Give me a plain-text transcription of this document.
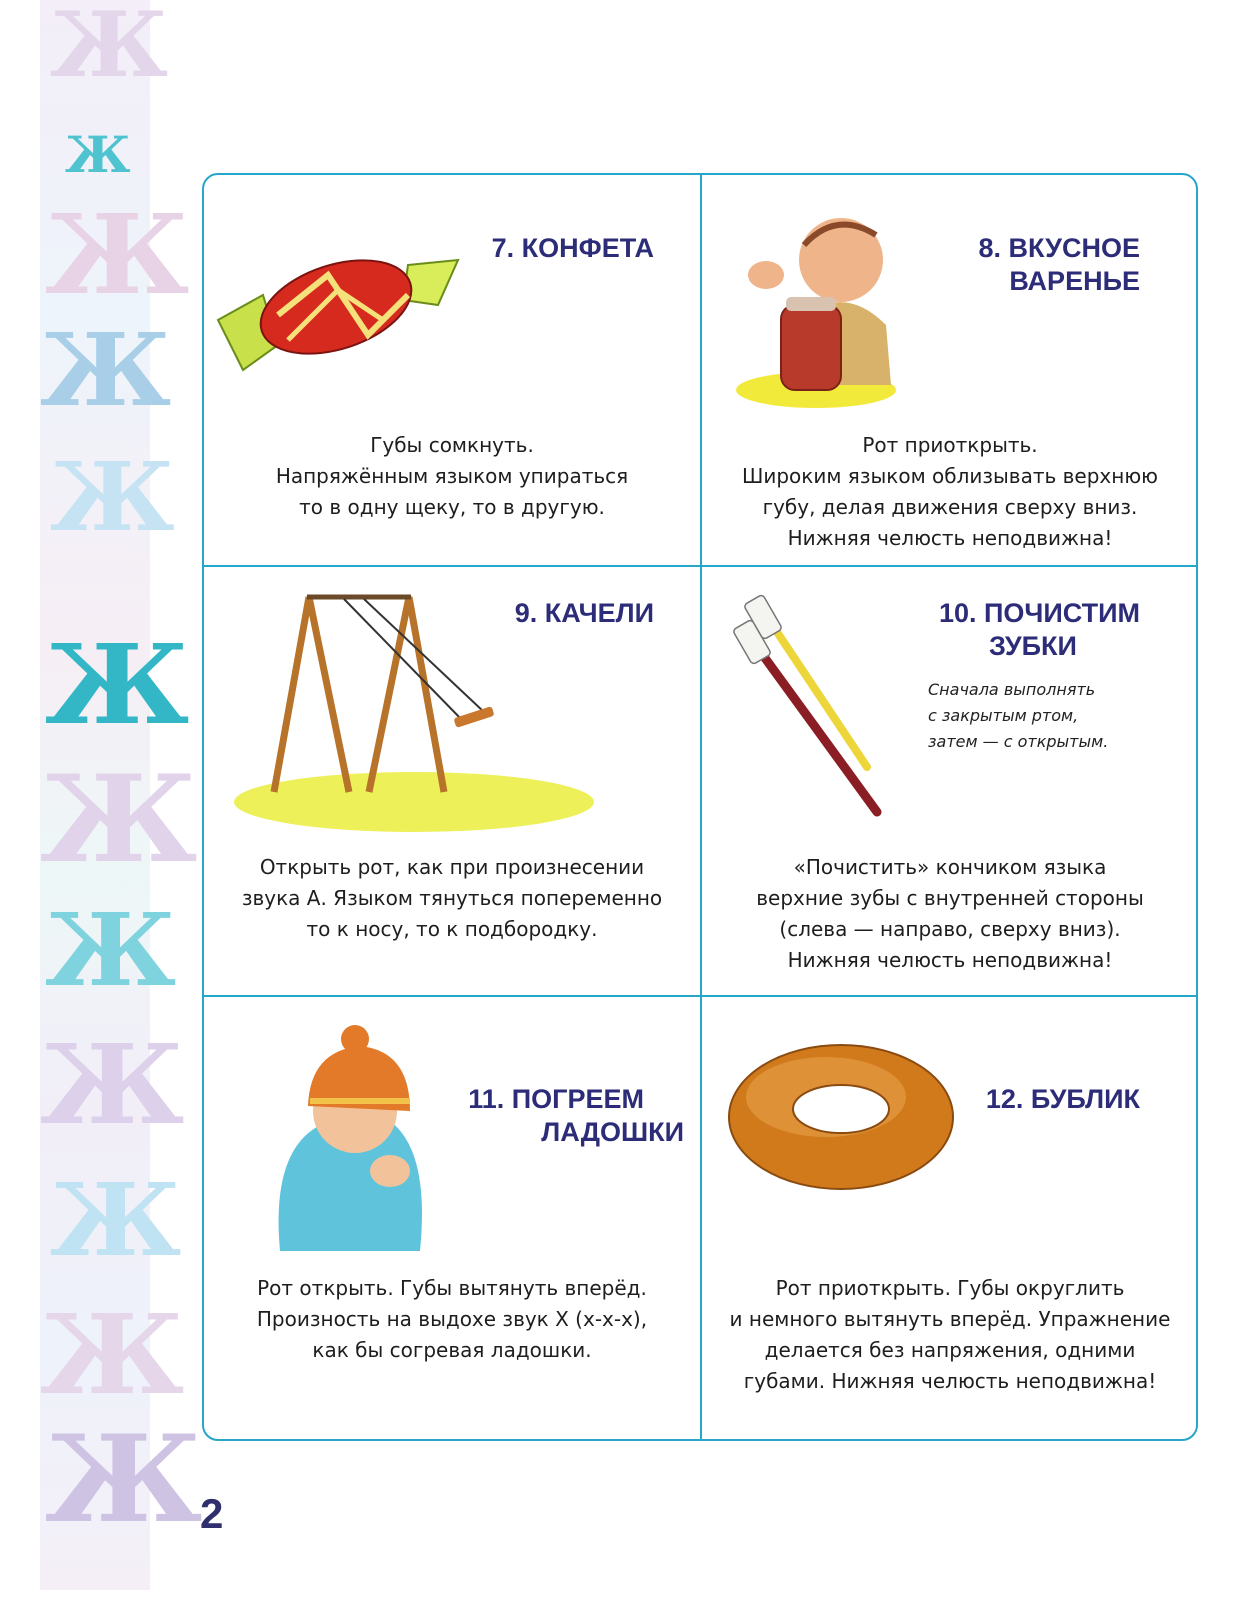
Ж
Ж
Ж
Ж
Ж
Ж
Ж
Ж
Ж
Ж
Ж
Ж
2
7. КОНФЕТА
Губы сомкнуть.
Напряжённым языком упираться
то в одну щеку, то в другую.
8. ВКУСНОЕ
ВАРЕНЬЕ
Рот приоткрыть.
Широким языком облизывать верхнюю
губу, делая движения сверху вниз.
Нижняя челюсть неподвижна!
9. КАЧЕЛИ
Открыть рот, как при произнесении
звука А. Языком тянуться попеременно
то к носу, то к подбородку.
10. ПОЧИСТИМ
ЗУБКИ
Сначала выполнять
с закрытым ртом,
затем — с открытым.
«Почистить» кончиком языка
верхние зубы с внутренней стороны
(слева — направо, сверху вниз).
Нижняя челюсть неподвижна!
11. ПОГРЕЕМ
ЛАДОШКИ
Рот открыть. Губы вытянуть вперёд.
Произность на выдохе звук Х (х-х-х),
как бы согревая ладошки.
12. БУБЛИК
Рот приоткрыть. Губы округлить
и немного вытянуть вперёд. Упражнение
делается без напряжения, одними
губами. Нижняя челюсть неподвижна!
